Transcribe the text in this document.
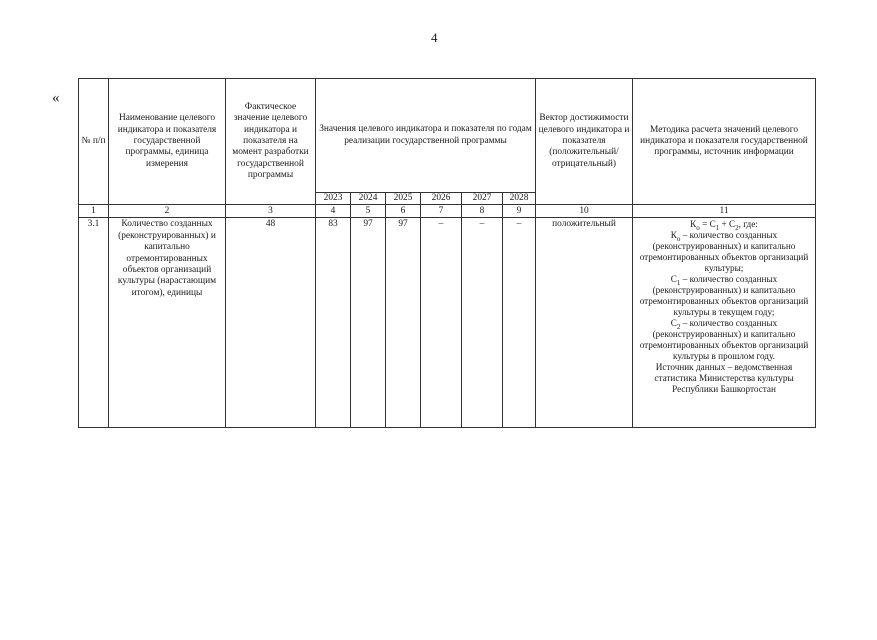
4
«
№ п/п	Наименование целевого индикатора и показателя государственной программы, единица измерения	Фактическое значение целевого индикатора и показателя на момент разработки государственной программы	Значения целевого индикатора и показателя по годам реализации государственной программы						Вектор достижимости целевого индикатора и показателя (положительный/ отрицательный)	Методика расчета значений целевого индикатора и показателя государственной программы, источник информации
			2023	2024	2025	2026	2027	2028		
1	2	3	4	5	6	7	8	9	10	11
3.1	Количество созданных (реконструированных) и капитально отремонтированных объектов организаций культуры (нарастающим итогом), единицы	48	83	97	97	–	–	–	положительный	$К_о = С_1 + С_2$, где:
$К_о$ – количество созданных (реконструированных) и капитально отремонтированных объектов организаций культуры;
$С_1$ – количество созданных (реконструированных) и капитально отремонтированных объектов организаций культуры в текущем году;
$С_2$ – количество созданных (реконструированных) и капитально отремонтированных объектов организаций культуры в прошлом году.
Источник данных – ведомственная статистика Министерства культуры Республики Башкортостан
